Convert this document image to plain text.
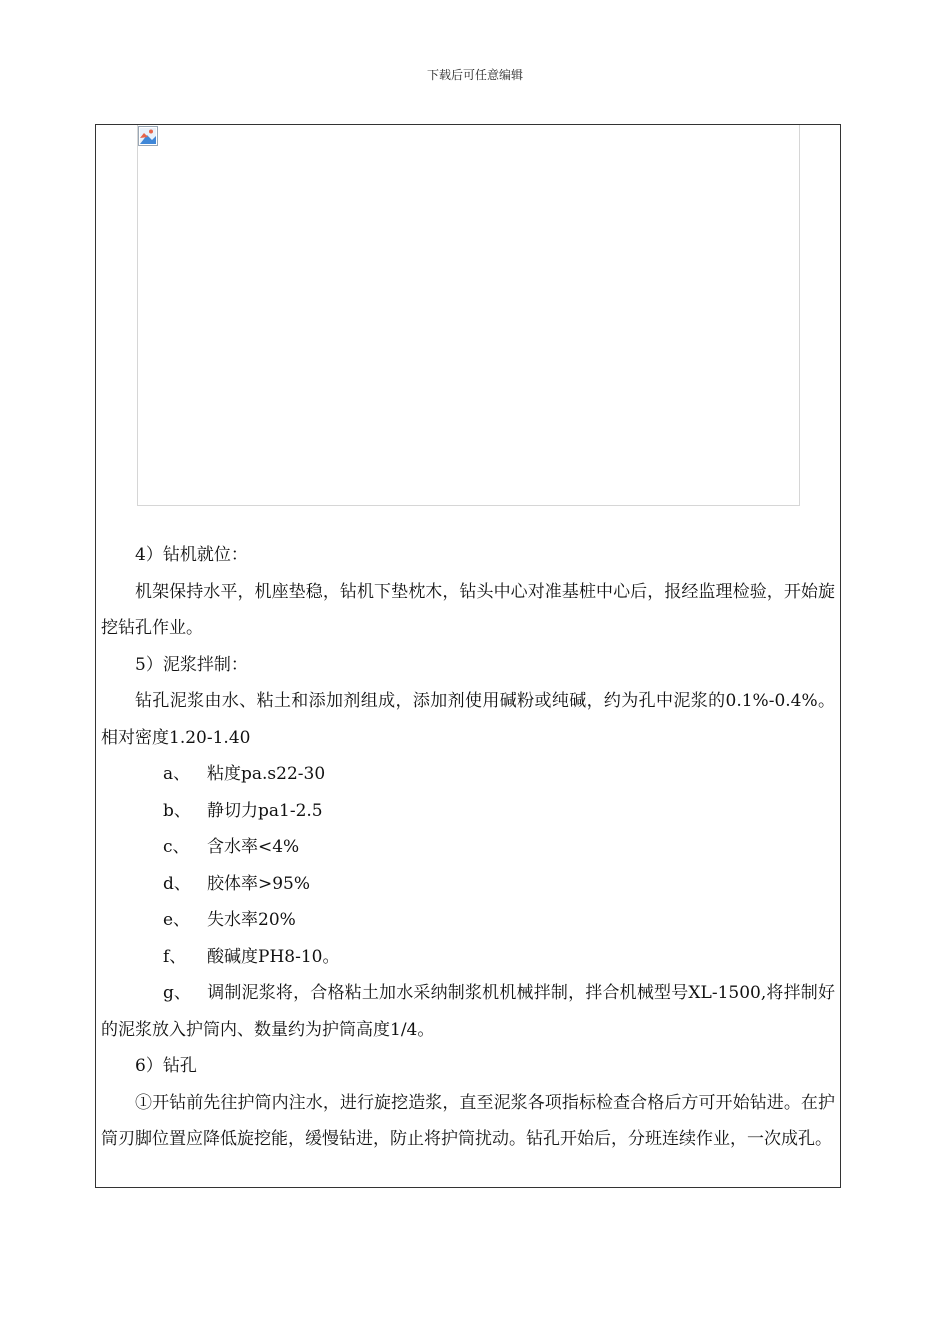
下载后可任意编辑

4）钻机就位：

机架保持水平，机座垫稳，钻机下垫枕木，钻头中心对准基桩中心后，报经监理检验，开始旋挖钻孔作业。

5）泥浆拌制：

钻孔泥浆由水、粘土和添加剂组成，添加剂使用碱粉或纯碱，约为孔中泥浆的0.1%-0.4%。相对密度1.20-1.40

a、 粘度pa.s22-30

b、 静切力pa1-2.5

c、 含水率<4%

d、 胶体率>95%

e、 失水率20%

f、 酸碱度PH8-10。

g、 调制泥浆将，合格粘土加水采纳制浆机机械拌制，拌合机械型号XL-1500,将拌制好的泥浆放入护筒内、数量约为护筒高度1/4。

6）钻孔

①开钻前先往护筒内注水，进行旋挖造浆，直至泥浆各项指标检查合格后方可开始钻进。在护筒刃脚位置应降低旋挖能，缓慢钻进，防止将护筒扰动。钻孔开始后，分班连续作业，一次成孔。
